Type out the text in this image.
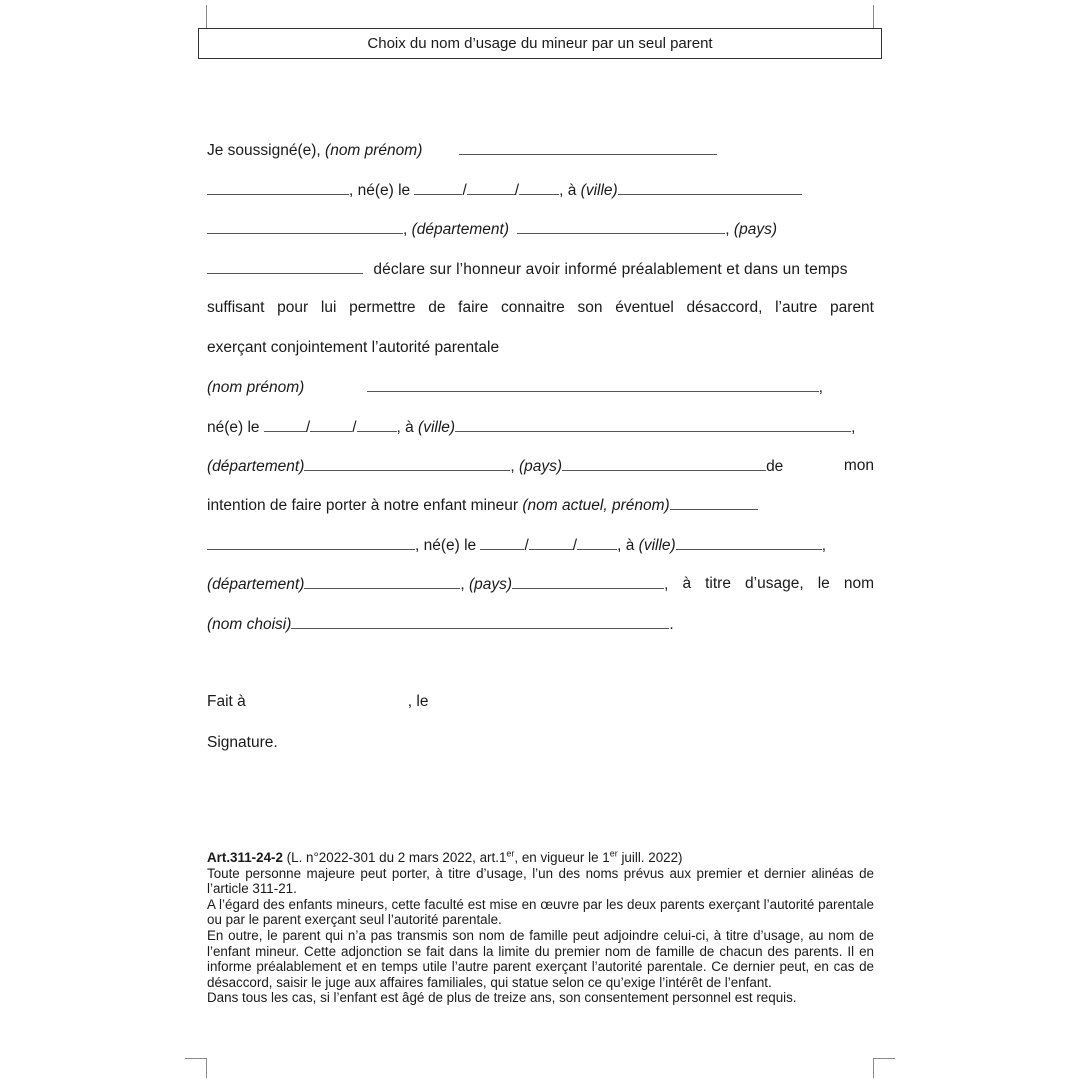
Choix du nom d’usage du mineur par un seul parent
Je soussigné(e), (nom prénom)
, né(e) le	/	/	, à (ville)
, (département)	, (pays)
déclare sur l’honneur avoir informé préalablement et dans un temps
suffisant pour lui permettre de faire connaitre son éventuel désaccord, l’autre parent
exerçant conjointement l’autorité parentale
(nom prénom)	,
né(e) le	/	/	, à (ville)	,
(département)	, (pays)	de	mon
intention de faire porter à notre enfant mineur (nom actuel, prénom)
, né(e) le	/	/	, à (ville)	,
(département)	, (pays)	, à titre d’usage, le nom
(nom choisi)	.
Fait à	, le
Signature.

Art.311-24-2 (L. n°2022-301 du 2 mars 2022, art.1er, en vigueur le 1er juill. 2022)

Toute personne majeure peut porter, à titre d’usage, l’un des noms prévus aux premier et dernier alinéas de l’article 311-21.

A l’égard des enfants mineurs, cette faculté est mise en œuvre par les deux parents exerçant l’autorité parentale ou par le parent exerçant seul l’autorité parentale.

En outre, le parent qui n’a pas transmis son nom de famille peut adjoindre celui-ci, à titre d’usage, au nom de l’enfant mineur. Cette adjonction se fait dans la limite du premier nom de famille de chacun des parents. Il en informe préalablement et en temps utile l’autre parent exerçant l’autorité parentale. Ce dernier peut, en cas de désaccord, saisir le juge aux affaires familiales, qui statue selon ce qu’exige l’intérêt de l’enfant.

Dans tous les cas, si l’enfant est âgé de plus de treize ans, son consentement personnel est requis.
